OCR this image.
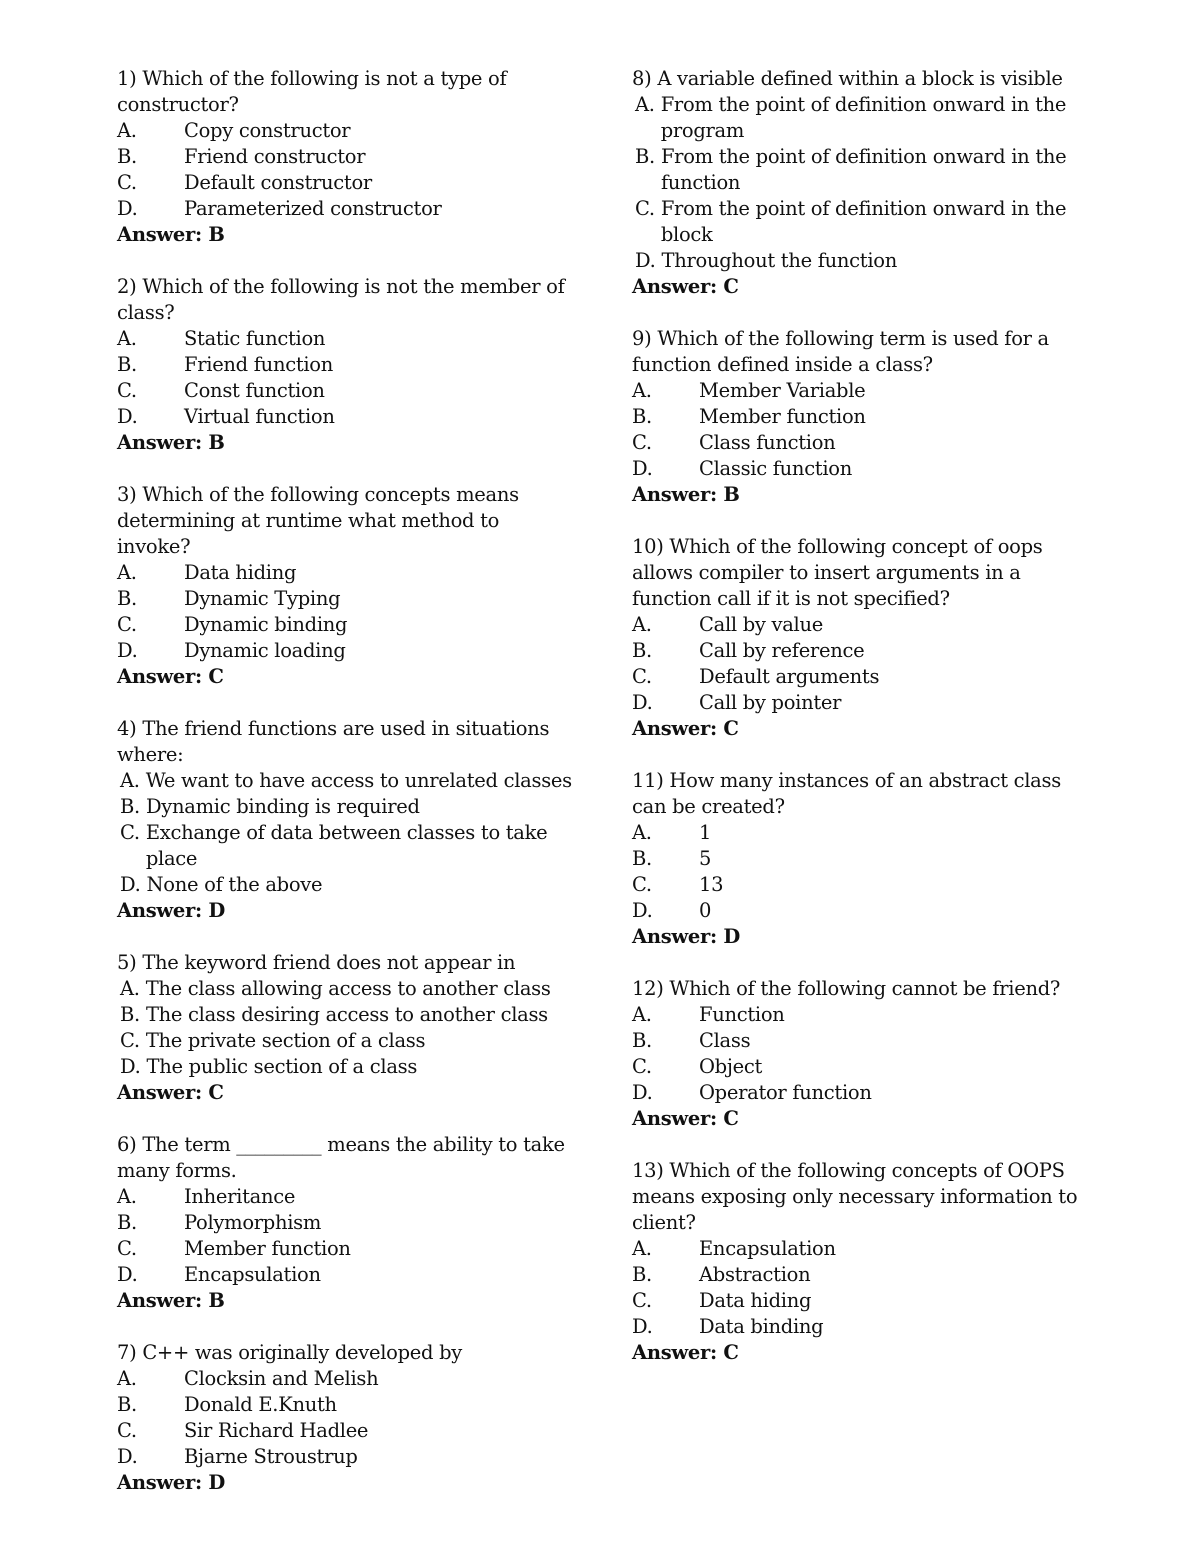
1) Which of the following is not a type of constructor?
A.	Copy constructor
B.	Friend constructor
C.	Default constructor
D.	Parameterized constructor
Answer: B
2) Which of the following is not the member of class?
A.	Static function
B.	Friend function
C.	Const function
D.	Virtual function
Answer: B
3) Which of the following concepts means determining at runtime what method to invoke?
A.	Data hiding
B.	Dynamic Typing
C.	Dynamic binding
D.	Dynamic loading
Answer: C
4) The friend functions are used in situations where:
A. We want to have access to unrelated classes
B. Dynamic binding is required
C. Exchange of data between classes to take place
D. None of the above
Answer: D
5) The keyword friend does not appear in
A. The class allowing access to another class
B. The class desiring access to another class
C. The private section of a class
D. The public section of a class
Answer: C
6) The term _________ means the ability to take many forms.
A.	Inheritance
B.	Polymorphism
C.	Member function
D.	Encapsulation
Answer: B
7) C++ was originally developed by
A.	Clocksin and Melish
B.	Donald E.Knuth
C.	Sir Richard Hadlee
D.	Bjarne Stroustrup
Answer: D
8) A variable defined within a block is visible
A. From the point of definition onward in the program
B. From the point of definition onward in the function
C. From the point of definition onward in the block
D. Throughout the function
Answer: C
9) Which of the following term is used for a function defined inside a class?
A.	Member Variable
B.	Member function
C.	Class function
D.	Classic function
Answer: B
10) Which of the following concept of oops allows compiler to insert arguments in a function call if it is not specified?
A.	Call by value
B.	Call by reference
C.	Default arguments
D.	Call by pointer
Answer: C
11) How many instances of an abstract class can be created?
A.	1
B.	5
C.	13
D.	0
Answer: D
12) Which of the following cannot be friend?
A.	Function
B.	Class
C.	Object
D.	Operator function
Answer: C
13) Which of the following concepts of OOPS means exposing only necessary information to client?
A.	Encapsulation
B.	Abstraction
C.	Data hiding
D.	Data binding
Answer: C
